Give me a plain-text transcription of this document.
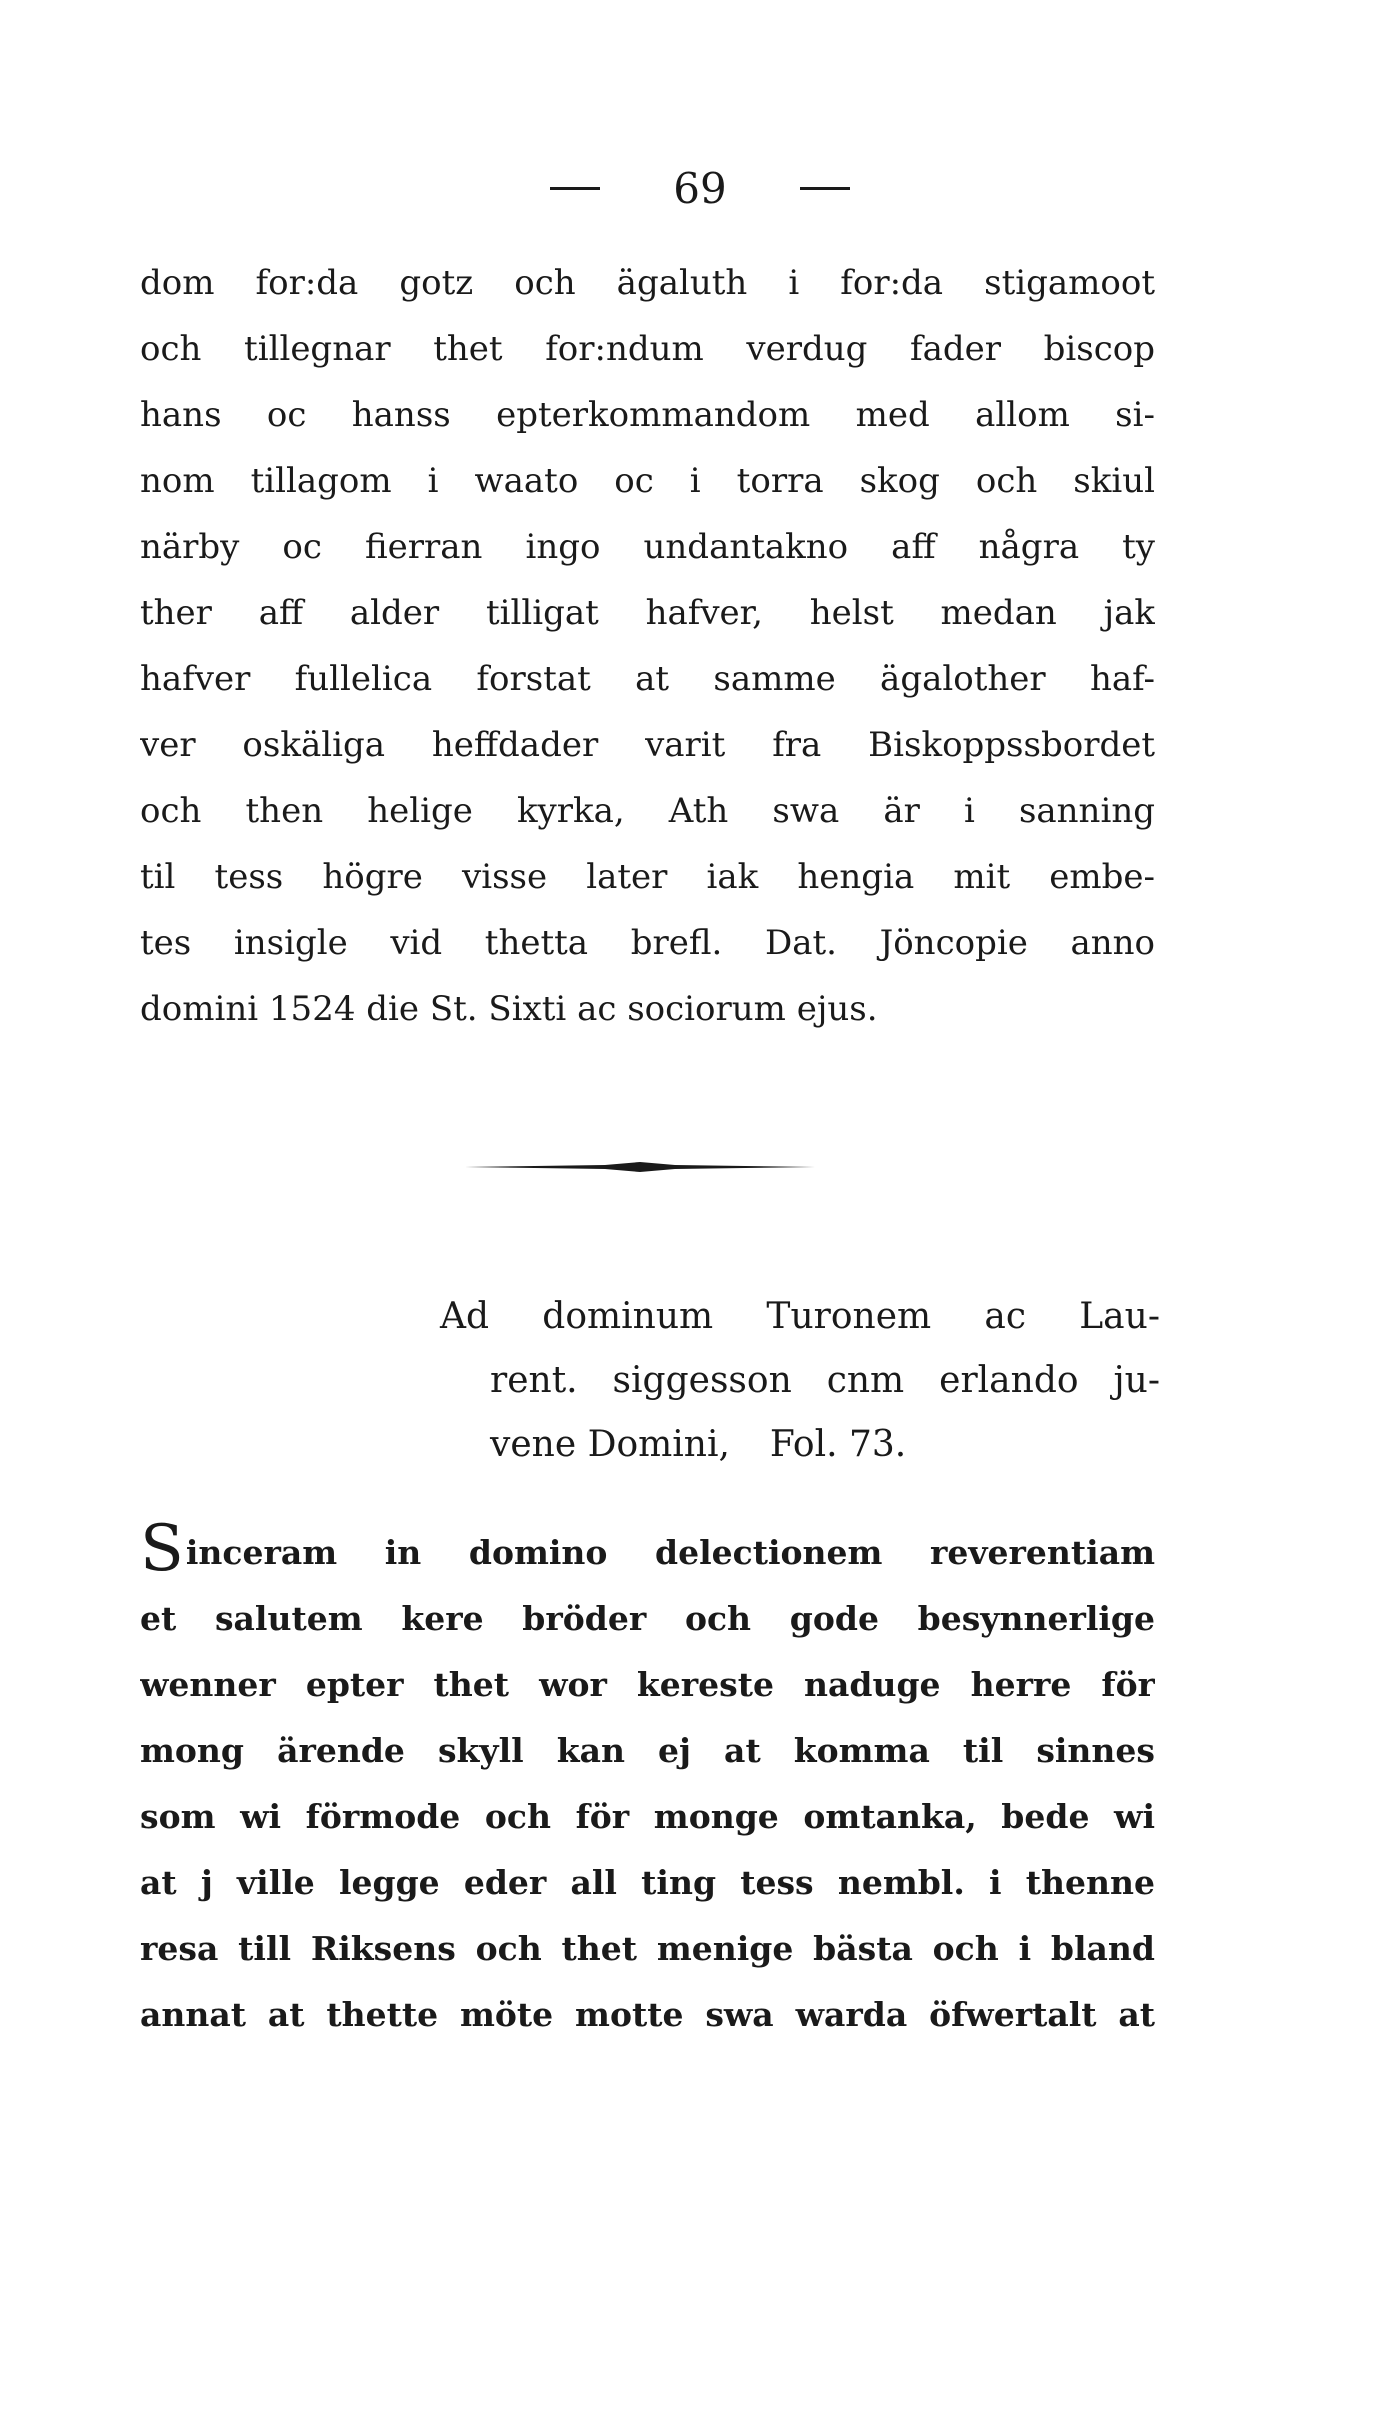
69
dom for:da gotz och ägaluth i for:da stigamoot
och tillegnar thet for:ndum verdug fader biscop
hans oc hanss epterkommandom med allom si-
nom tillagom i waato oc i torra skog och skiul
närby oc fierran ingo undantakno aff några ty
ther aff alder tilligat hafver, helst medan jak
hafver fullelica forstat at samme ägalother haf-
ver oskäliga heffdader varit fra Biskoppssbordet
och then helige kyrka, Ath swa är i sanning
til tess högre visse later iak hengia mit embe-
tes insigle vid thetta brefl. Dat. Jöncopie anno
domini 1524 die St. Sixti ac sociorum ejus.
Ad dominum Turonem ac Lau-
rent. siggesson cnm erlando ju-
vene Domini, Fol. 73.
Sinceram in domino delectionem reverentiam
et salutem kere bröder och gode besynnerlige
wenner epter thet wor kereste naduge herre för
mong ärende skyll kan ej at komma til sinnes
som wi förmode och för monge omtanka, bede wi
at j ville legge eder all ting tess nembl. i thenne
resa till Riksens och thet menige bästa och i bland
annat at thette möte motte swa warda öfwertalt at
